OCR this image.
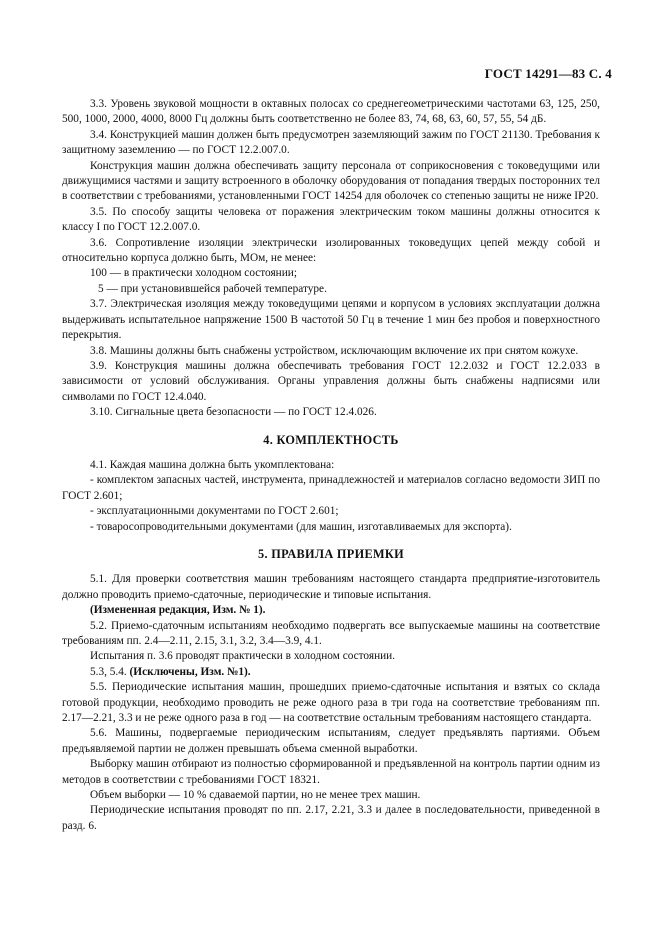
ГОСТ 14291—83 С. 4

3.3. Уровень звуковой мощности в октавных полосах со среднегеометрическими частотами 63, 125, 250, 500, 1000, 2000, 4000, 8000 Гц должны быть соответственно не более 83, 74, 68, 63, 60, 57, 55, 54 дБ.

3.4. Конструкцией машин должен быть предусмотрен заземляющий зажим по ГОСТ 21130. Требования к защитному заземлению — по ГОСТ 12.2.007.0.

Конструкция машин должна обеспечивать защиту персонала от соприкосновения с токоведущими или движущимися частями и защиту встроенного в оболочку оборудования от попадания твердых посторонних тел в соответствии с требованиями, установленными ГОСТ 14254 для оболочек со степенью защиты не ниже IP20.

3.5. По способу защиты человека от поражения электрическим током машины должны относится к классу I по ГОСТ 12.2.007.0.

3.6. Сопротивление изоляции электрически изолированных токоведущих цепей между собой и относительно корпуса должно быть, МОм, не менее:

100 — в практически холодном состоянии;

5 — при установившейся рабочей температуре.

3.7. Электрическая изоляция между токоведущими цепями и корпусом в условиях эксплуатации должна выдерживать испытательное напряжение 1500 В частотой 50 Гц в течение 1 мин без пробоя и поверхностного перекрытия.

3.8. Машины должны быть снабжены устройством, исключающим включение их при снятом кожухе.

3.9. Конструкция машины должна обеспечивать требования ГОСТ 12.2.032 и ГОСТ 12.2.033 в зависимости от условий обслуживания. Органы управления должны быть снабжены надписями или символами по ГОСТ 12.4.040.

3.10. Сигнальные цвета безопасности — по ГОСТ 12.4.026.

4. КОМПЛЕКТНОСТЬ

4.1. Каждая машина должна быть укомплектована:

- комплектом запасных частей, инструмента, принадлежностей и материалов согласно ведомости ЗИП по ГОСТ 2.601;

- эксплуатационными документами по ГОСТ 2.601;

- товаросопроводительными документами (для машин, изготавливаемых для экспорта).

5. ПРАВИЛА ПРИЕМКИ

5.1. Для проверки соответствия машин требованиям настоящего стандарта предприятие-изготовитель должно проводить приемо-сдаточные, периодические и типовые испытания.

(Измененная редакция, Изм. № 1).

5.2. Приемо-сдаточным испытаниям необходимо подвергать все выпускаемые машины на соответствие требованиям пп. 2.4—2.11, 2.15, 3.1, 3.2, 3.4—3.9, 4.1.

Испытания п. 3.6 проводят практически в холодном состоянии.

5.3, 5.4. (Исключены, Изм. №1).

5.5. Периодические испытания машин, прошедших приемо-сдаточные испытания и взятых со склада готовой продукции, необходимо проводить не реже одного раза в три года на соответствие требованиям пп. 2.17—2.21, 3.3 и не реже одного раза в год — на соответствие остальным требованиям настоящего стандарта.

5.6. Машины, подвергаемые периодическим испытаниям, следует предъявлять партиями. Объем предъявляемой партии не должен превышать объема сменной выработки.

Выборку машин отбирают из полностью сформированной и предъявленной на контроль партии одним из методов в соответствии с требованиями ГОСТ 18321.

Объем выборки — 10 % сдаваемой партии, но не менее трех машин.

Периодические испытания проводят по пп. 2.17, 2.21, 3.3 и далее в последовательности, приведенной в разд. 6.
